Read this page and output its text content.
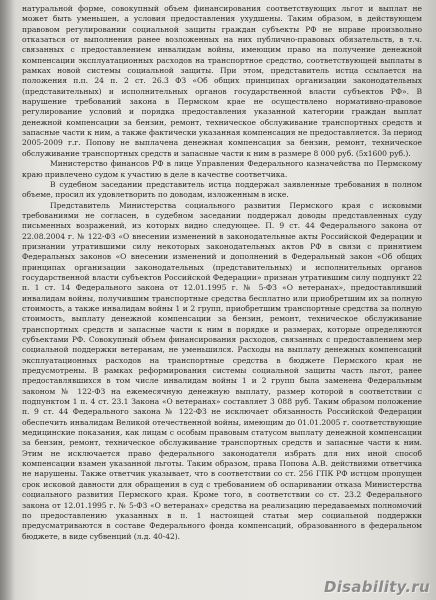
натуральной форме, совокупный объем финансирования соответствующих льгот и выплат не может быть уменьшен, а условия предоставления ухудшены. Таким образом, в действующем правовом регулировании социальной защиты граждан субъекты РФ не вправе произвольно отказаться от выполнения ранее возложенных на них публично-правовых обязательств, в т.ч. связанных с предоставлением инвалидам войны, имеющим право на получение денежной компенсации эксплуатационных расходов на транспортное средство, соответствующей выплаты в рамках новой системы социальной защиты. При этом, представитель истца ссылается на положения п.п. 24 п. 2 ст. 26.3 ФЗ «Об общих принципах организации законодательных (представительных) и исполнительных органов государственной власти субъектов РФ». В нарушение требований закона в Пермском крае не осуществлено нормативно-правовое регулирование условий и порядка предоставления указанной категории граждан выплат денежной компенсации за бензин, ремонт, техническое обслуживание транспортных средств и запасные части к ним, а также фактически указанная компенсация не предоставляется. За период 2005-2009 г.г. Попову не выплачена денежная компенсация за бензин, ремонт, техническое обслуживание транспортных средств и запасные части к ним в размере 8 000 руб. (5х1600 руб.).

Министерство финансов РФ в лице Управления Федерального казначейства по Пермскому краю привлечено судом к участию в деле в качестве соответчика.

В судебном заседании представитель истца поддержал заявленные требования в полном объеме, просил их удовлетворить по доводам, изложенным в иске.

Представитель Министерства социального развития Пермского края с исковыми требованиями не согласен, в судебном заседании поддержал доводы представленных суду письменных возражений, из которых видно следующее. П. 9 ст. 44 Федерального закона от 22.08.2004 г. № 122-ФЗ «О внесении изменений в законодательные акты Российской Федерации и признании утратившими силу некоторых законодательных актов РФ в связи с принятием Федеральных законов «О внесении изменений и дополнений в Федеральный закон «Об общих принципах организации законодательных (представительных) и исполнительных органов государственной власти субъектов Российской Федерации» признан утратившим силу подпункт 22 п. 1 ст. 14 Федерального закона от 12.01.1995 г. № 5-ФЗ «О ветеранах», предоставлявший инвалидам войны, получившим транспортные средства бесплатно или приобретшим их за полную стоимость, а также инвалидам войны 1 и 2 групп, приобретшим транспортные средства за полную стоимость, выплату денежной компенсации за бензин, ремонт, техническое обслуживание транспортных средств и запасные части к ним в порядке и размерах, которые определяются субъектами РФ. Совокупный объем финансирования расходов, связанных с предоставлением мер социальной поддержки ветеранам, не уменьшился. Расходы на выплату денежных компенсаций эксплуатационных расходов на транспортные средства в бюджете Пермского края не предусмотрены. В рамках реформирования системы социальной защиты часть льгот, ранее предоставлявшихся в том числе инвалидам войны 1 и 2 групп была заменена Федеральным законом № 122-ФЗ на ежемесячную денежную выплату, размер которой в соответствии с подпунктом 1 п. 4 ст. 23.1 Закона «О ветеранах» составляет 3 088 руб. Таким образом положение п. 9 ст. 44 Федерального закона № 122-ФЗ не исключает обязанность Российской Федерации обеспечить инвалидам Великой отечественной войны, имеющим до 01.01.2005 г. соответствующие медицинские показания, как лицам с особым правовым статусом выплату денежной компенсации за бензин, ремонт, техническое обслуживание транспортных средств и запасные части к ним. Этим не исключается право федерального законодателя избрать для них иной способ компенсации взамен указанной льготы. Таким образом, права Попова А.В. действиями ответчика не нарушены. Также ответчик указывает, что в соответствии со ст. 256 ГПК РФ истцом пропущен срок исковой давности для обращения в суд с требованием об оспаривании отказа Министерства социального развития Пермского края. Кроме того, в соответствии со ст. 23.2 Федерального закона от 12.01.1995 г. № 5-ФЗ «О ветеранах» средства на реализацию передаваемых полномочий по предоставлению указанных в п. 1 настоящей статьи мер социальной поддержки предусматриваются в составе Федерального фонда компенсаций, образованного в федеральном бюджете, в виде субвенций (л.д. 40-42).

Disability.ru
